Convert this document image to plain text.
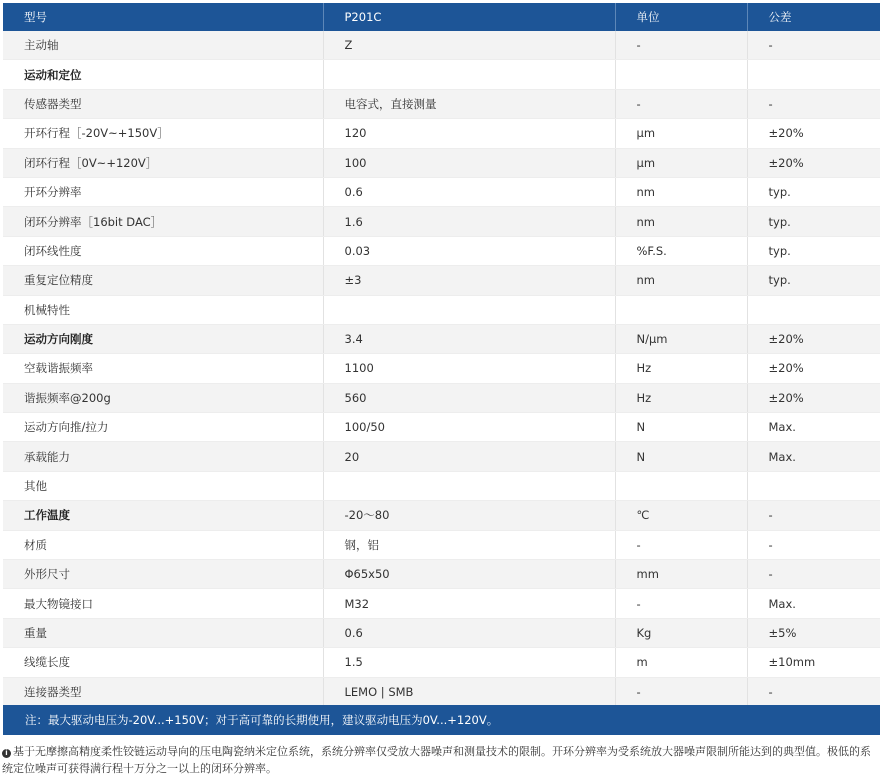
型号	P201C	单位	公差
主动轴	Z	-	-
运动和定位			
传感器类型	电容式，直接测量	-	-
开环行程［-20V~+150V］	120	μm	±20%
闭环行程［0V~+120V］	100	μm	±20%
开环分辨率	0.6	nm	typ.
闭环分辨率［16bit DAC］	1.6	nm	typ.
闭环线性度	0.03	%F.S.	typ.
重复定位精度	±3	nm	typ.
机械特性			
运动方向刚度	3.4	N/μm	±20%
空载谐振频率	1100	Hz	±20%
谐振频率@200g	560	Hz	±20%
运动方向推/拉力	100/50	N	Max.
承载能力	20	N	Max.
其他			
工作温度	-20～80	℃	-
材质	钢，铝	-	-
外形尺寸	Φ65x50	mm	-
最大物镜接口	M32	-	Max.
重量	0.6	Kg	±5%
线缆长度	1.5	m	±10mm
连接器类型	LEMO | SMB	-	-
注：最大驱动电压为-20V...+150V；对于高可靠的长期使用，建议驱动电压为0V...+120V。
i 基于无摩擦高精度柔性铰链运动导向的压电陶瓷纳米定位系统，系统分辨率仅受放大器噪声和测量技术的限制。开环分辨率为受系统放大器噪声限制所能达到的典型值。极低的系统定位噪声可获得满行程十万分之一以上的闭环分辨率。
